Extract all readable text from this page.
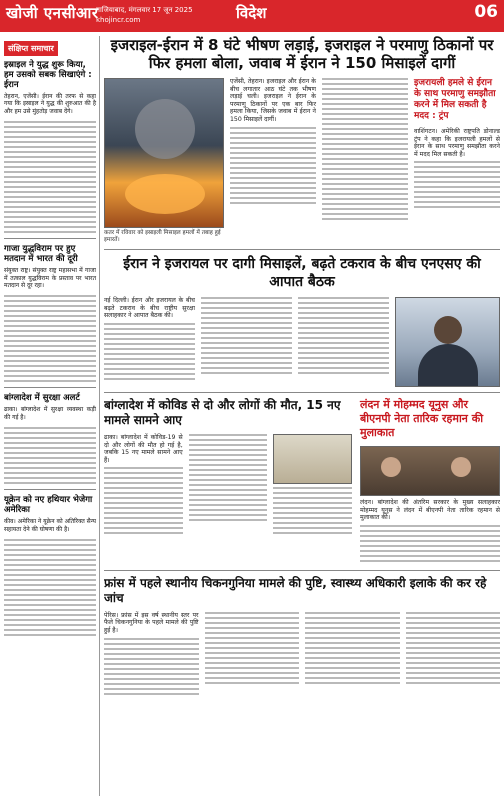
खोजी एनसीआर
गाजियाबाद, मंगलवार 17 जून 2025
khojincr.com	विदेश	06
संक्षिप्त समाचार
इस्राइल ने युद्ध शुरू किया, हम उसको सबक सिखाएंगे : ईरान
तेहरान, एजेंसी। ईरान की तरफ से कहा गया कि इस्राइल ने युद्ध की शुरुआत की है और हम उसे मुंहतोड़ जवाब देंगे।
गाजा युद्धविराम पर हुए मतदान में भारत की दूरी
संयुक्त राष्ट्र। संयुक्त राष्ट्र महासभा में गाजा में तत्काल युद्धविराम के प्रस्ताव पर भारत मतदान से दूर रहा।
बांग्लादेश में सुरक्षा अलर्ट
ढाका। बांग्लादेश में सुरक्षा व्यवस्था कड़ी की गई है।
यूक्रेन को नए हथियार भेजेगा अमेरिका
कीव। अमेरिका ने यूक्रेन को अतिरिक्त सैन्य सहायता देने की घोषणा की है।
इजराइल-ईरान में 8 घंटे भीषण लड़ाई, इजराइल ने परमाणु ठिकानों पर फिर हमला बोला, जवाब में ईरान ने 150 मिसाइलें दागीं
एजेंसी, तेहरान। इजराइल और ईरान के बीच लगातार आठ घंटे तक भीषण लड़ाई चली। इजराइल ने ईरान के परमाणु ठिकानों पर एक बार फिर हमला किया, जिसके जवाब में ईरान ने 150 मिसाइलें दागीं।
इजरायली हमले से ईरान के साथ परमाणु समझौता करने में मिल सकती है मदद : ट्रंप
वाशिंगटन। अमेरिकी राष्ट्रपति डोनाल्ड ट्रंप ने कहा कि इजरायली हमलों से ईरान के साथ परमाणु समझौता करने में मदद मिल सकती है।
कतर में रविवार को इस्राइली मिसाइल हमलों में तबाह हुई इमारतें।
ईरान ने इजरायल पर दागी मिसाइलें, बढ़ते टकराव के बीच एनएसए की आपात बैठक
नई दिल्ली। ईरान और इजरायल के बीच बढ़ते टकराव के बीच राष्ट्रीय सुरक्षा सलाहकार ने आपात बैठक की।
बांग्लादेश में कोविड से दो और लोगों की मौत, 15 नए मामले सामने आए
ढाका। बांग्लादेश में कोविड-19 से दो और लोगों की मौत हो गई है, जबकि 15 नए मामले सामने आए हैं।
लंदन में मोहम्मद यूनुस और बीएनपी नेता तारिक रहमान की मुलाकात
लंदन। बांग्लादेश की अंतरिम सरकार के मुख्य सलाहकार मोहम्मद यूनुस ने लंदन में बीएनपी नेता तारिक रहमान से मुलाकात की।
फ्रांस में पहले स्थानीय चिकनगुनिया मामले की पुष्टि, स्वास्थ्य अधिकारी इलाके की कर रहे जांच
पेरिस। फ्रांस में इस वर्ष स्थानीय स्तर पर फैले चिकनगुनिया के पहले मामले की पुष्टि हुई है।
